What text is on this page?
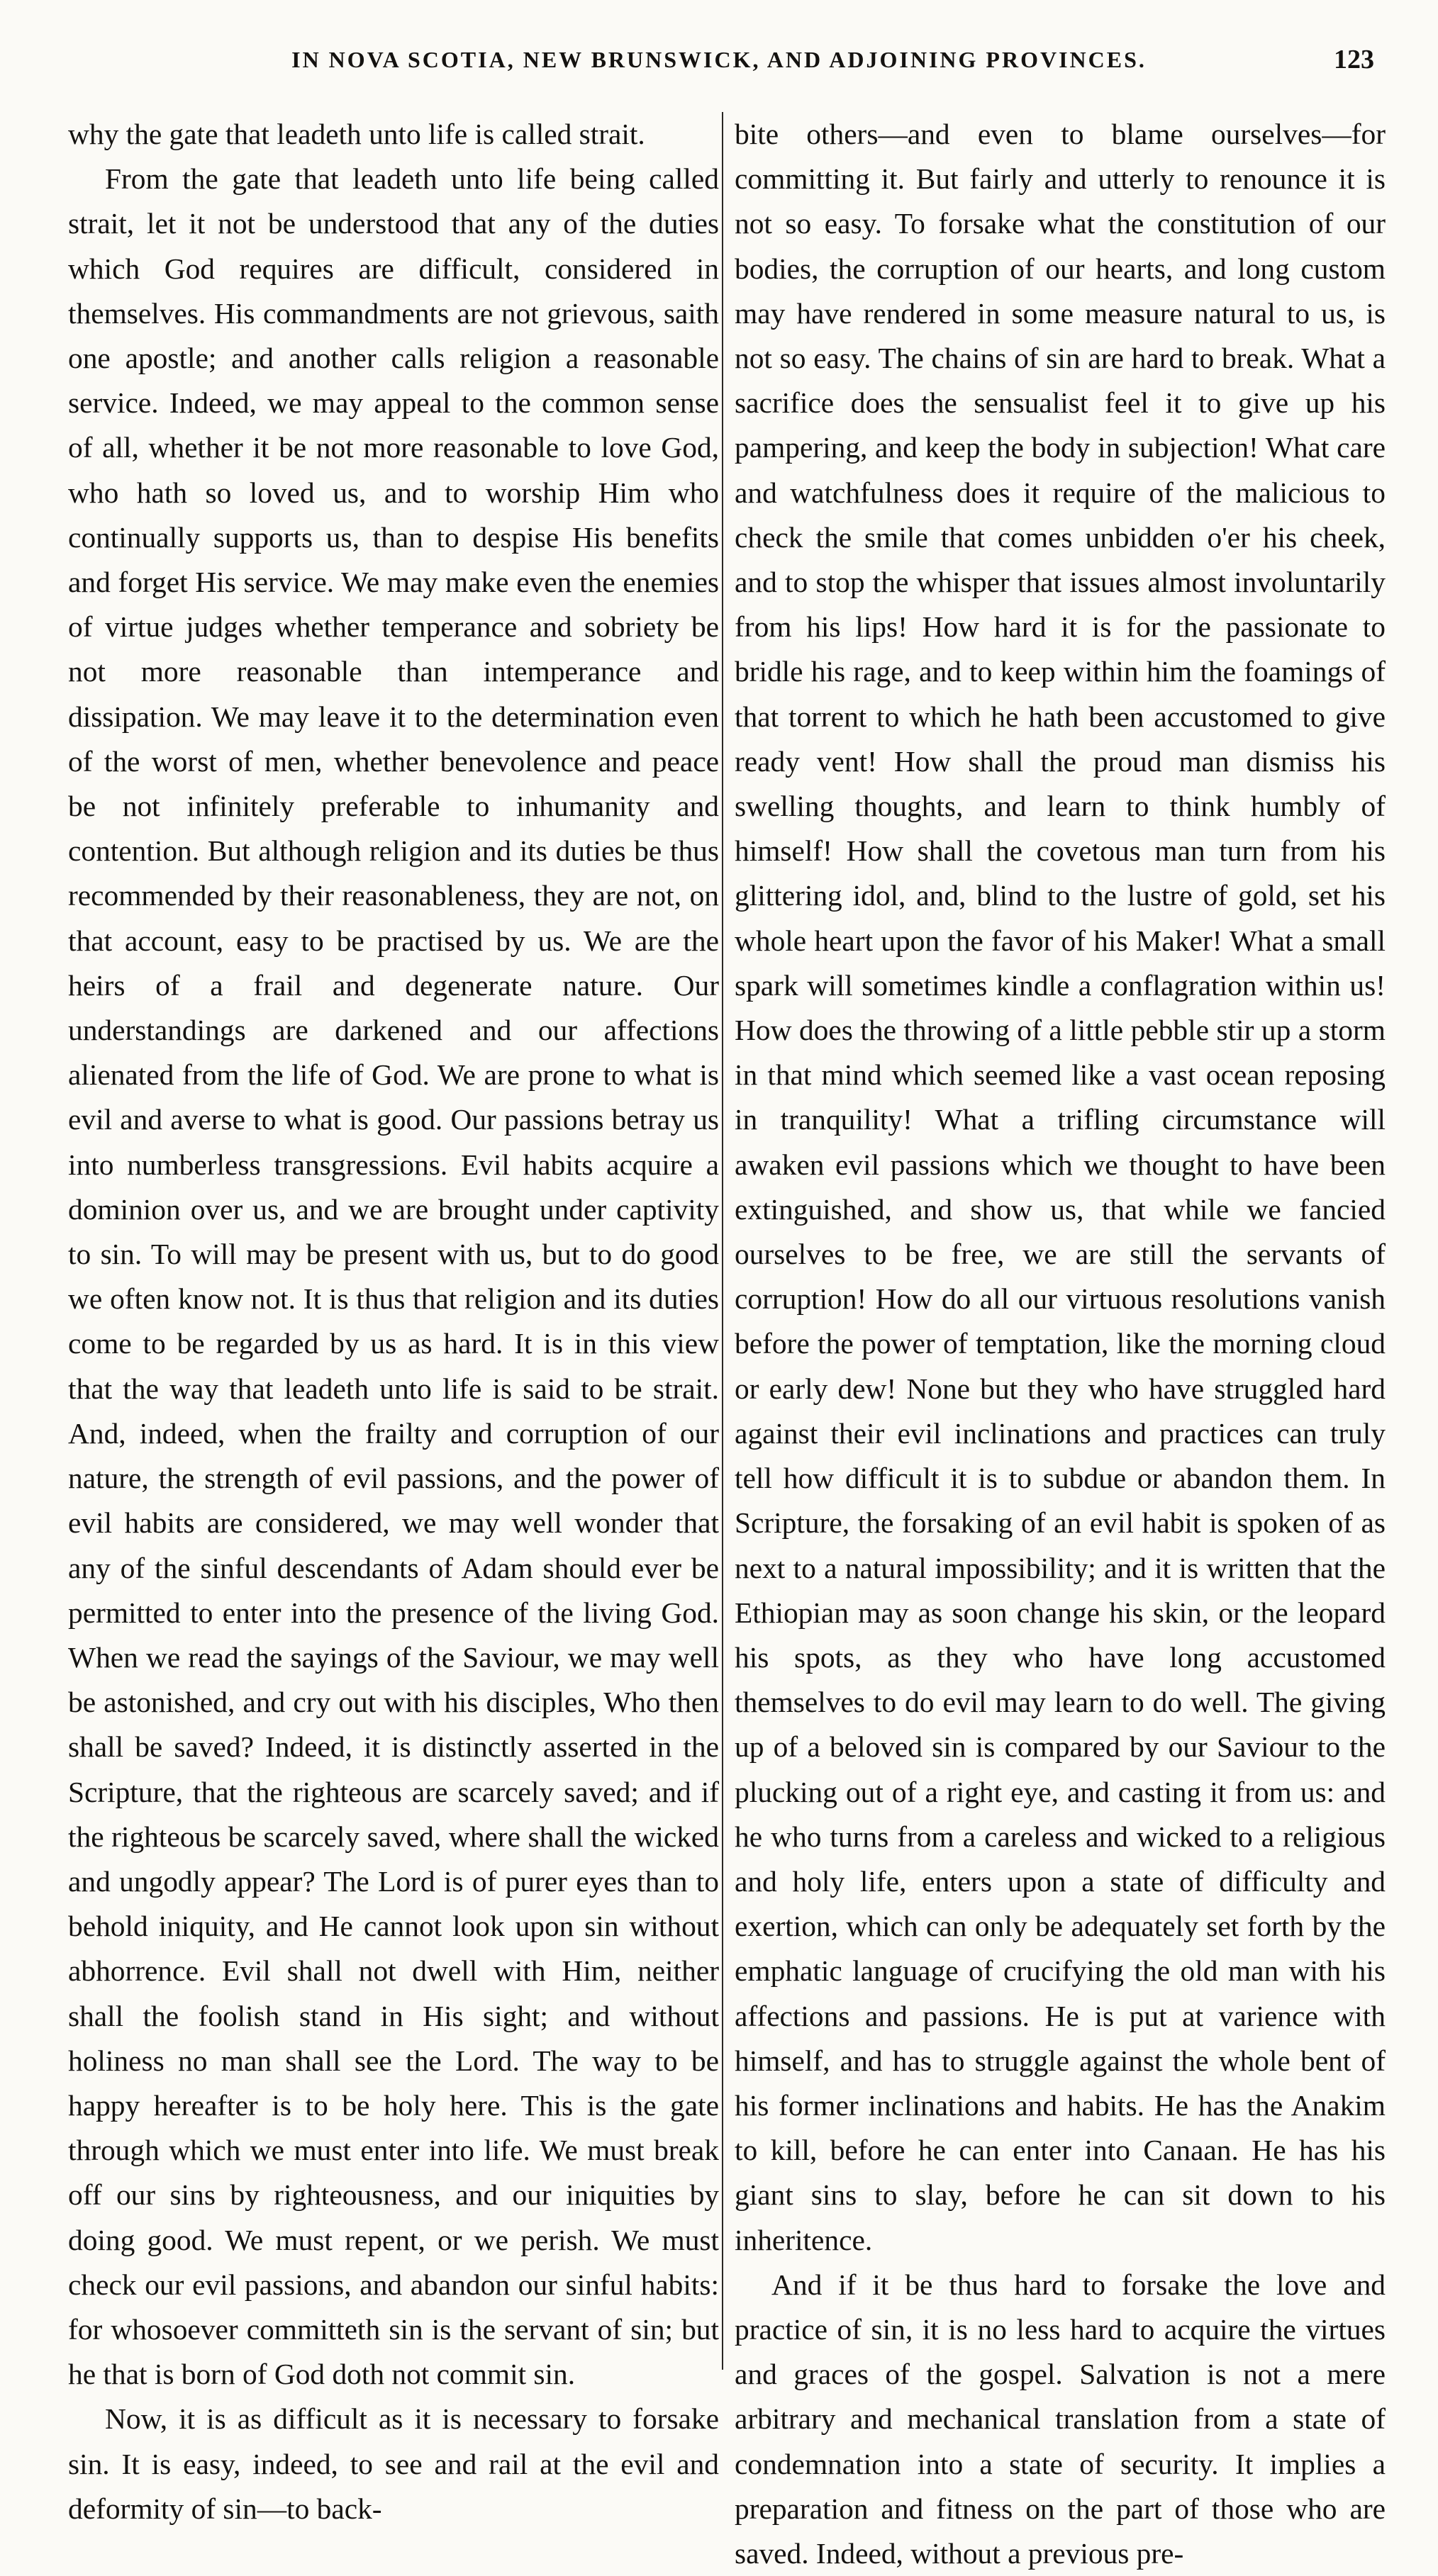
IN NOVA SCOTIA, NEW BRUNSWICK, AND ADJOINING PROVINCES.	123

why the gate that leadeth unto life is called strait.

From the gate that leadeth unto life being called strait, let it not be understood that any of the duties which God requires are difficult, considered in themselves. His commandments are not grievous, saith one apostle; and another calls religion a reasonable service. Indeed, we may appeal to the common sense of all, whether it be not more reasonable to love God, who hath so loved us, and to worship Him who continually supports us, than to despise His benefits and forget His service. We may make even the enemies of virtue judges whether temperance and sobriety be not more reasonable than intemperance and dissipation. We may leave it to the determination even of the worst of men, whether benevolence and peace be not infinitely preferable to inhumanity and contention. But although religion and its duties be thus recommended by their reasonableness, they are not, on that account, easy to be practised by us. We are the heirs of a frail and degenerate nature. Our understandings are darkened and our affections alienated from the life of God. We are prone to what is evil and averse to what is good. Our passions betray us into numberless transgressions. Evil habits acquire a dominion over us, and we are brought under captivity to sin. To will may be present with us, but to do good we often know not. It is thus that religion and its duties come to be regarded by us as hard. It is in this view that the way that leadeth unto life is said to be strait. And, indeed, when the frailty and corruption of our nature, the strength of evil passions, and the power of evil habits are considered, we may well wonder that any of the sinful descendants of Adam should ever be permitted to enter into the presence of the living God. When we read the sayings of the Saviour, we may well be astonished, and cry out with his disciples, Who then shall be saved? Indeed, it is distinctly asserted in the Scripture, that the righteous are scarcely saved; and if the righteous be scarcely saved, where shall the wicked and ungodly appear? The Lord is of purer eyes than to behold iniquity, and He cannot look upon sin without abhorrence. Evil shall not dwell with Him, neither shall the foolish stand in His sight; and without holiness no man shall see the Lord. The way to be happy hereafter is to be holy here. This is the gate through which we must enter into life. We must break off our sins by righteousness, and our iniquities by doing good. We must repent, or we perish. We must check our evil passions, and abandon our sinful habits: for whosoever committeth sin is the servant of sin; but he that is born of God doth not commit sin.

Now, it is as difficult as it is necessary to forsake sin. It is easy, indeed, to see and rail at the evil and deformity of sin—to back-

bite others—and even to blame ourselves—for committing it. But fairly and utterly to renounce it is not so easy. To forsake what the constitution of our bodies, the corruption of our hearts, and long custom may have rendered in some measure natural to us, is not so easy. The chains of sin are hard to break. What a sacrifice does the sensualist feel it to give up his pampering, and keep the body in subjection! What care and watchfulness does it require of the malicious to check the smile that comes unbidden o'er his cheek, and to stop the whisper that issues almost involuntarily from his lips! How hard it is for the passionate to bridle his rage, and to keep within him the foamings of that torrent to which he hath been accustomed to give ready vent! How shall the proud man dismiss his swelling thoughts, and learn to think humbly of himself! How shall the covetous man turn from his glittering idol, and, blind to the lustre of gold, set his whole heart upon the favor of his Maker! What a small spark will sometimes kindle a conflagration within us! How does the throwing of a little pebble stir up a storm in that mind which seemed like a vast ocean reposing in tranquility! What a trifling circumstance will awaken evil passions which we thought to have been extinguished, and show us, that while we fancied ourselves to be free, we are still the servants of corruption! How do all our virtuous resolutions vanish before the power of temptation, like the morning cloud or early dew! None but they who have struggled hard against their evil inclinations and practices can truly tell how difficult it is to subdue or abandon them. In Scripture, the forsaking of an evil habit is spoken of as next to a natural impossibility; and it is written that the Ethiopian may as soon change his skin, or the leopard his spots, as they who have long accustomed themselves to do evil may learn to do well. The giving up of a beloved sin is compared by our Saviour to the plucking out of a right eye, and casting it from us: and he who turns from a careless and wicked to a religious and holy life, enters upon a state of difficulty and exertion, which can only be adequately set forth by the emphatic language of crucifying the old man with his affections and passions. He is put at varience with himself, and has to struggle against the whole bent of his former inclinations and habits. He has the Anakim to kill, before he can enter into Canaan. He has his giant sins to slay, before he can sit down to his inheritence.

And if it be thus hard to forsake the love and practice of sin, it is no less hard to acquire the virtues and graces of the gospel. Salvation is not a mere arbitrary and mechanical translation from a state of condemnation into a state of security. It implies a preparation and fitness on the part of those who are saved. Indeed, without a previous pre-
